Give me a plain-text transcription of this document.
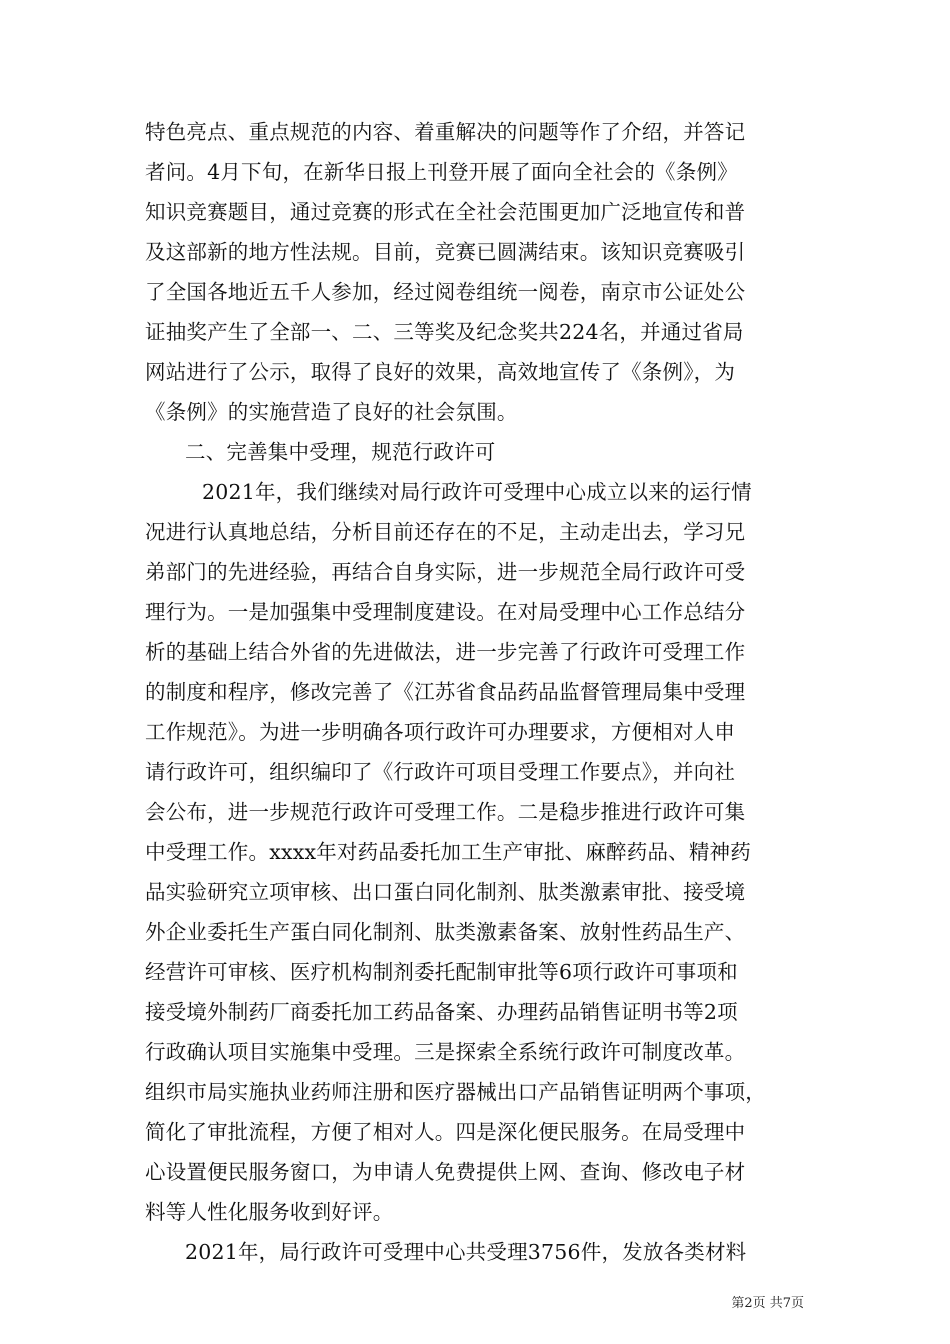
特色亮点、重点规范的内容、着重解决的问题等作了介绍，并答记
者问。4月下旬，在新华日报上刊登开展了面向全社会的《条例》
知识竞赛题目，通过竞赛的形式在全社会范围更加广泛地宣传和普
及这部新的地方性法规。目前，竞赛已圆满结束。该知识竞赛吸引
了全国各地近五千人参加，经过阅卷组统一阅卷，南京市公证处公
证抽奖产生了全部一、二、三等奖及纪念奖共224名，并通过省局
网站进行了公示，取得了良好的效果，高效地宣传了《条例》，为
《条例》的实施营造了良好的社会氛围。
二、完善集中受理，规范行政许可
2021年，我们继续对局行政许可受理中心成立以来的运行情
况进行认真地总结，分析目前还存在的不足，主动走出去，学习兄
弟部门的先进经验，再结合自身实际，进一步规范全局行政许可受
理行为。一是加强集中受理制度建设。在对局受理中心工作总结分
析的基础上结合外省的先进做法，进一步完善了行政许可受理工作
的制度和程序，修改完善了《江苏省食品药品监督管理局集中受理
工作规范》。为进一步明确各项行政许可办理要求，方便相对人申
请行政许可，组织编印了《行政许可项目受理工作要点》，并向社
会公布，进一步规范行政许可受理工作。二是稳步推进行政许可集
中受理工作。xxxx年对药品委托加工生产审批、麻醉药品、精神药
品实验研究立项审核、出口蛋白同化制剂、肽类激素审批、接受境
外企业委托生产蛋白同化制剂、肽类激素备案、放射性药品生产、
经营许可审核、医疗机构制剂委托配制审批等6项行政许可事项和
接受境外制药厂商委托加工药品备案、办理药品销售证明书等2项
行政确认项目实施集中受理。三是探索全系统行政许可制度改革。
组织市局实施执业药师注册和医疗器械出口产品销售证明两个事项，
简化了审批流程，方便了相对人。四是深化便民服务。在局受理中
心设置便民服务窗口，为申请人免费提供上网、查询、修改电子材
料等人性化服务收到好评。
2021年，局行政许可受理中心共受理3756件，发放各类材料
第2页 共7页
